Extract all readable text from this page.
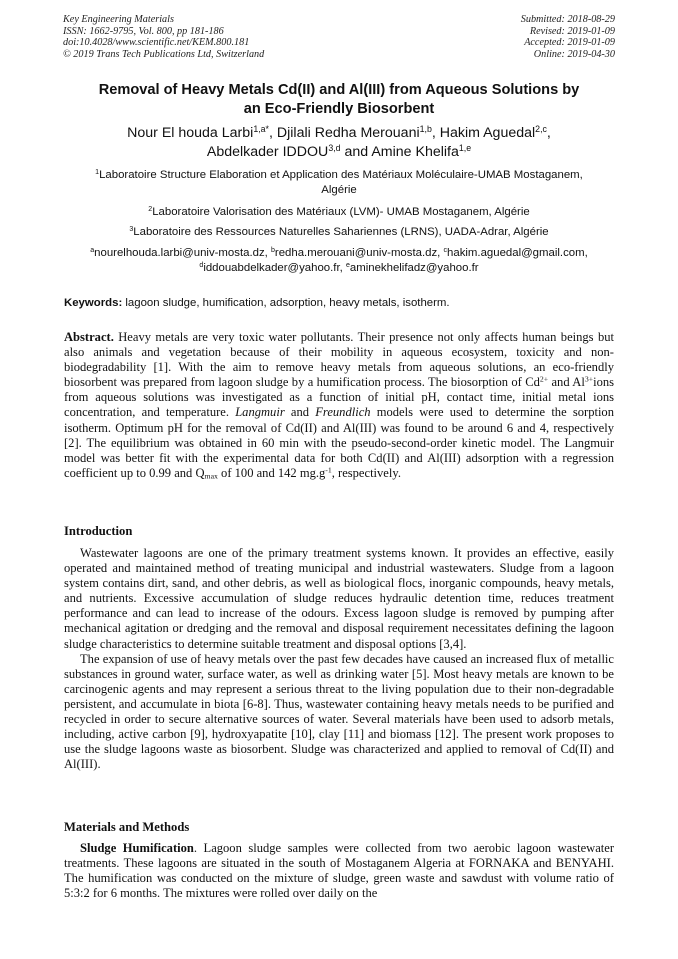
Key Engineering Materials
ISSN: 1662-9795, Vol. 800, pp 181-186
doi:10.4028/www.scientific.net/KEM.800.181
© 2019 Trans Tech Publications Ltd, Switzerland
Submitted: 2018-08-29
Revised: 2019-01-09
Accepted: 2019-01-09
Online: 2019-04-30
Removal of Heavy Metals Cd(II) and Al(III) from Aqueous Solutions by
an Eco-Friendly Biosorbent
Nour El houda Larbi$^{1,a*}$, Djilali Redha Merouani$^{1,b}$, Hakim Aguedal$^{2,c}$,
Abdelkader IDDOU$^{3,d}$ and Amine Khelifa$^{1,e}$
$^1$Laboratoire Structure Elaboration et Application des Matériaux Moléculaire-UMAB Mostaganem,
Algérie
$^2$Laboratoire Valorisation des Matériaux (LVM)- UMAB Mostaganem, Algérie
$^3$Laboratoire des Ressources Naturelles Sahariennes (LRNS), UADA-Adrar, Algérie
$^a$nourelhouda.larbi@univ-mosta.dz, $^b$redha.merouani@univ-mosta.dz, $^c$hakim.aguedal@gmail.com,
$^d$iddouabdelkader@yahoo.fr, $^e$aminekhelifadz@yahoo.fr
Keywords: lagoon sludge, humification, adsorption, heavy metals, isotherm.

Abstract. Heavy metals are very toxic water pollutants. Their presence not only affects human beings but also animals and vegetation because of their mobility in aqueous ecosystem, toxicity and non-biodegradability [1]. With the aim to remove heavy metals from aqueous solutions, an eco-friendly biosorbent was prepared from lagoon sludge by a humification process. The biosorption of $Cd^{2+}$ and $Al^{3+}ions$ from aqueous solutions was investigated as a function of initial pH, contact time, initial metal ions concentration, and temperature. Langmuir and Freundlich models were used to determine the sorption isotherm. Optimum pH for the removal of Cd(II) and Al(III) was found to be around 6 and 4, respectively [2]. The equilibrium was obtained in 60 min with the pseudo-second-order kinetic model. The Langmuir model was better fit with the experimental data for both Cd(II) and Al(III) adsorption with a regression coefficient up to 0.99 and $Q_{max}$ of 100 and 142 $mg.g^{-1}$, respectively.

Introduction

Wastewater lagoons are one of the primary treatment systems known. It provides an effective, easily operated and maintained method of treating municipal and industrial wastewaters. Sludge from a lagoon system contains dirt, sand, and other debris, as well as biological flocs, inorganic compounds, heavy metals, and nutrients. Excessive accumulation of sludge reduces hydraulic detention time, reduces treatment performance and can lead to increase of the odours. Excess lagoon sludge is removed by pumping after mechanical agitation or dredging and the removal and disposal requirement necessitates defining the lagoon sludge characteristics to determine suitable treatment and disposal options [3,4].

The expansion of use of heavy metals over the past few decades have caused an increased flux of metallic substances in ground water, surface water, as well as drinking water [5]. Most heavy metals are known to be carcinogenic agents and may represent a serious threat to the living population due to their non-degradable persistent, and accumulate in biota [6-8]. Thus, wastewater containing heavy metals needs to be purified and recycled in order to secure alternative sources of water. Several materials have been used to adsorb metals, including, active carbon [9], hydroxyapatite [10], clay [11] and biomass [12]. The present work proposes to use the sludge lagoons waste as biosorbent. Sludge was characterized and applied to removal of Cd(II) and Al(III).

Materials and Methods

Sludge Humification. Lagoon sludge samples were collected from two aerobic lagoon wastewater treatments. These lagoons are situated in the south of Mostaganem Algeria at FORNAKA and BENYAHI. The humification was conducted on the mixture of sludge, green waste and sawdust with volume ratio of 5:3:2 for 6 months. The mixtures were rolled over daily on the
